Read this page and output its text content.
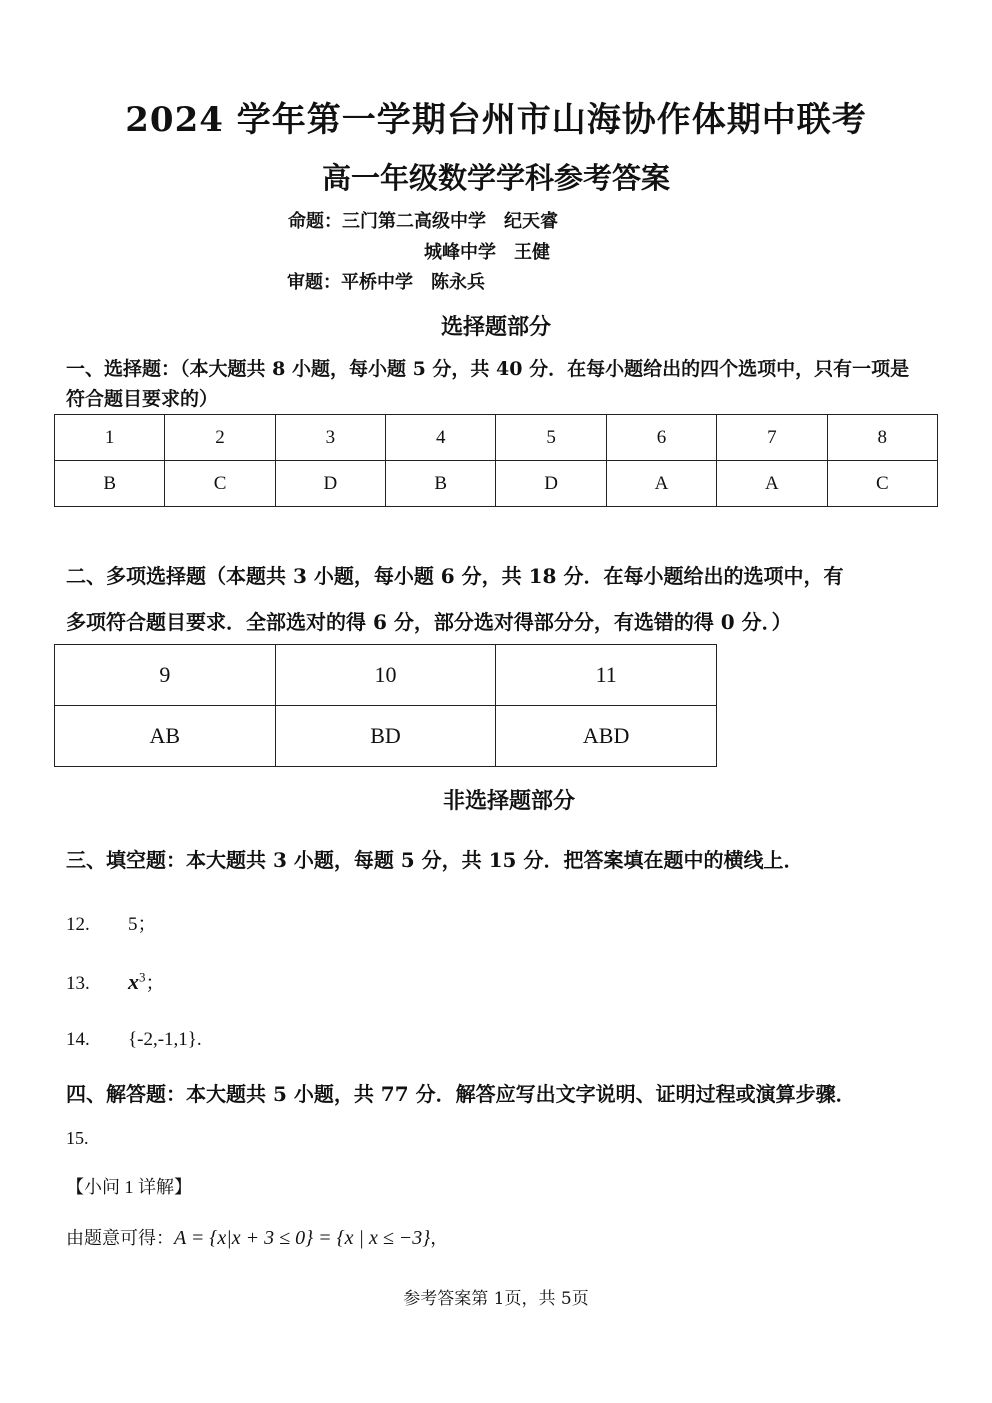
2024 学年第一学期台州市山海协作体期中联考
高一年级数学学科参考答案
命题：三门第二高级中学　纪天睿
城峰中学　王健
审题：平桥中学　陈永兵
选择题部分
一、选择题：（本大题共 8 小题，每小题 5 分，共 40 分．在每小题给出的四个选项中，只有一项是
符合题目要求的）
1	2	3	4	5	6	7	8
B	C	D	B	D	A	A	C
二、多项选择题（本题共 3 小题，每小题 6 分，共 18 分．在每小题给出的选项中，有
多项符合题目要求．全部选对的得 6 分，部分选对得部分分，有选错的得 0 分．）
9	10	11
AB	BD	ABD
非选择题部分
三、填空题：本大题共 3 小题，每题 5 分，共 15 分．把答案填在题中的横线上．
12. 5；
13. $x^3$；
14. {-2,-1,1}.
四、解答题：本大题共 5 小题，共 77 分．解答应写出文字说明、证明过程或演算步骤．
15.
【小问 1 详解】
由题意可得：A = {x|x + 3 ≤ 0} = {x | x ≤ −3}，
参考答案第 1页，共 5页
